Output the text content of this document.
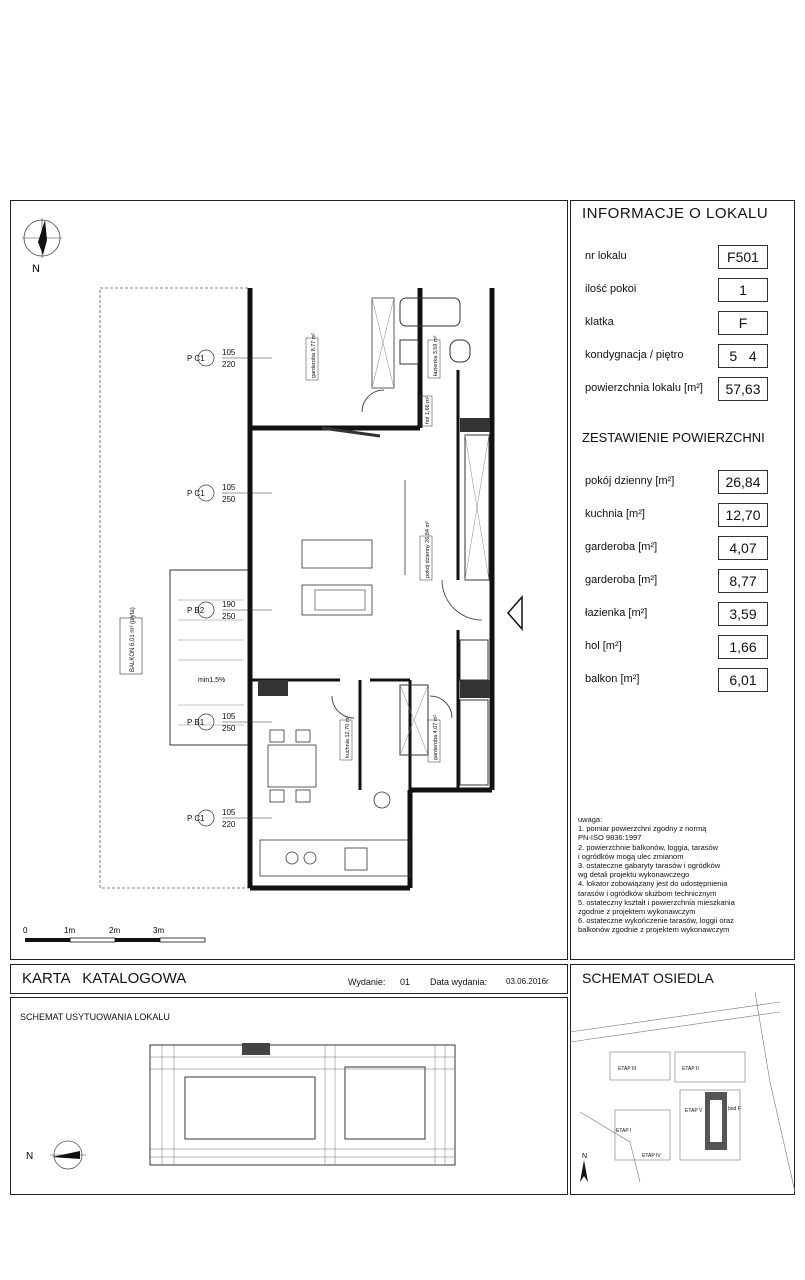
N
P C1
105
220
P C1
105
250
P B2
190
250
P B1
105
250
P C1
105
220
garderoba 8,77 m²	łazienka 3,59 m²
hol 1,66 m²
pokój dzienny 26,84 m²
kuchnia 12,70 m²	garderoba 4,07 m²
BALKON 6,01 m² (płyta)
min1,5%
0	1m	2m	3m
INFORMACJE O LOKALU
nr lokalu	F501
ilość pokoi	1
klatka	F
kondygnacja / piętro	5 4
powierzchnia lokalu [m²]	57,63
ZESTAWIENIE POWIERZCHNI
pokój dzienny [m²]	26,84
kuchnia [m²]	12,70
garderoba [m²]	4,07
garderoba [m²]	8,77
łazienka [m²]	3,59
hol [m²]	1,66
balkon [m²]	6,01
uwaga:
1. pomiar powierzchni zgodny z normą
PN-ISO 9836:1997
2. powierzchnie balkonów, loggia, tarasów
i ogródków mogą ulec zmianom
3. ostateczne gabaryty tarasów i ogródków
wg detali projektu wykonawczego
4. lokator zobowiązany jest do udostępnienia
tarasów i ogródków służbom technicznym
5. ostateczny kształt i powierzchnia mieszkania
zgodnie z projektem wykonawczym
6. ostateczne wykończenie tarasów, loggii oraz
balkonów zgodnie z projektem wykonawczym
KARTA   KATALOGOWA	Wydanie: 01 Data wydania: 03.06.2016r
SCHEMAT USYTUOWANIA LOKALU
N
SCHEMAT OSIEDLA
ETAP III	ETAP II
ETAP I
ETAP IV
ETAP V	bud F
N
